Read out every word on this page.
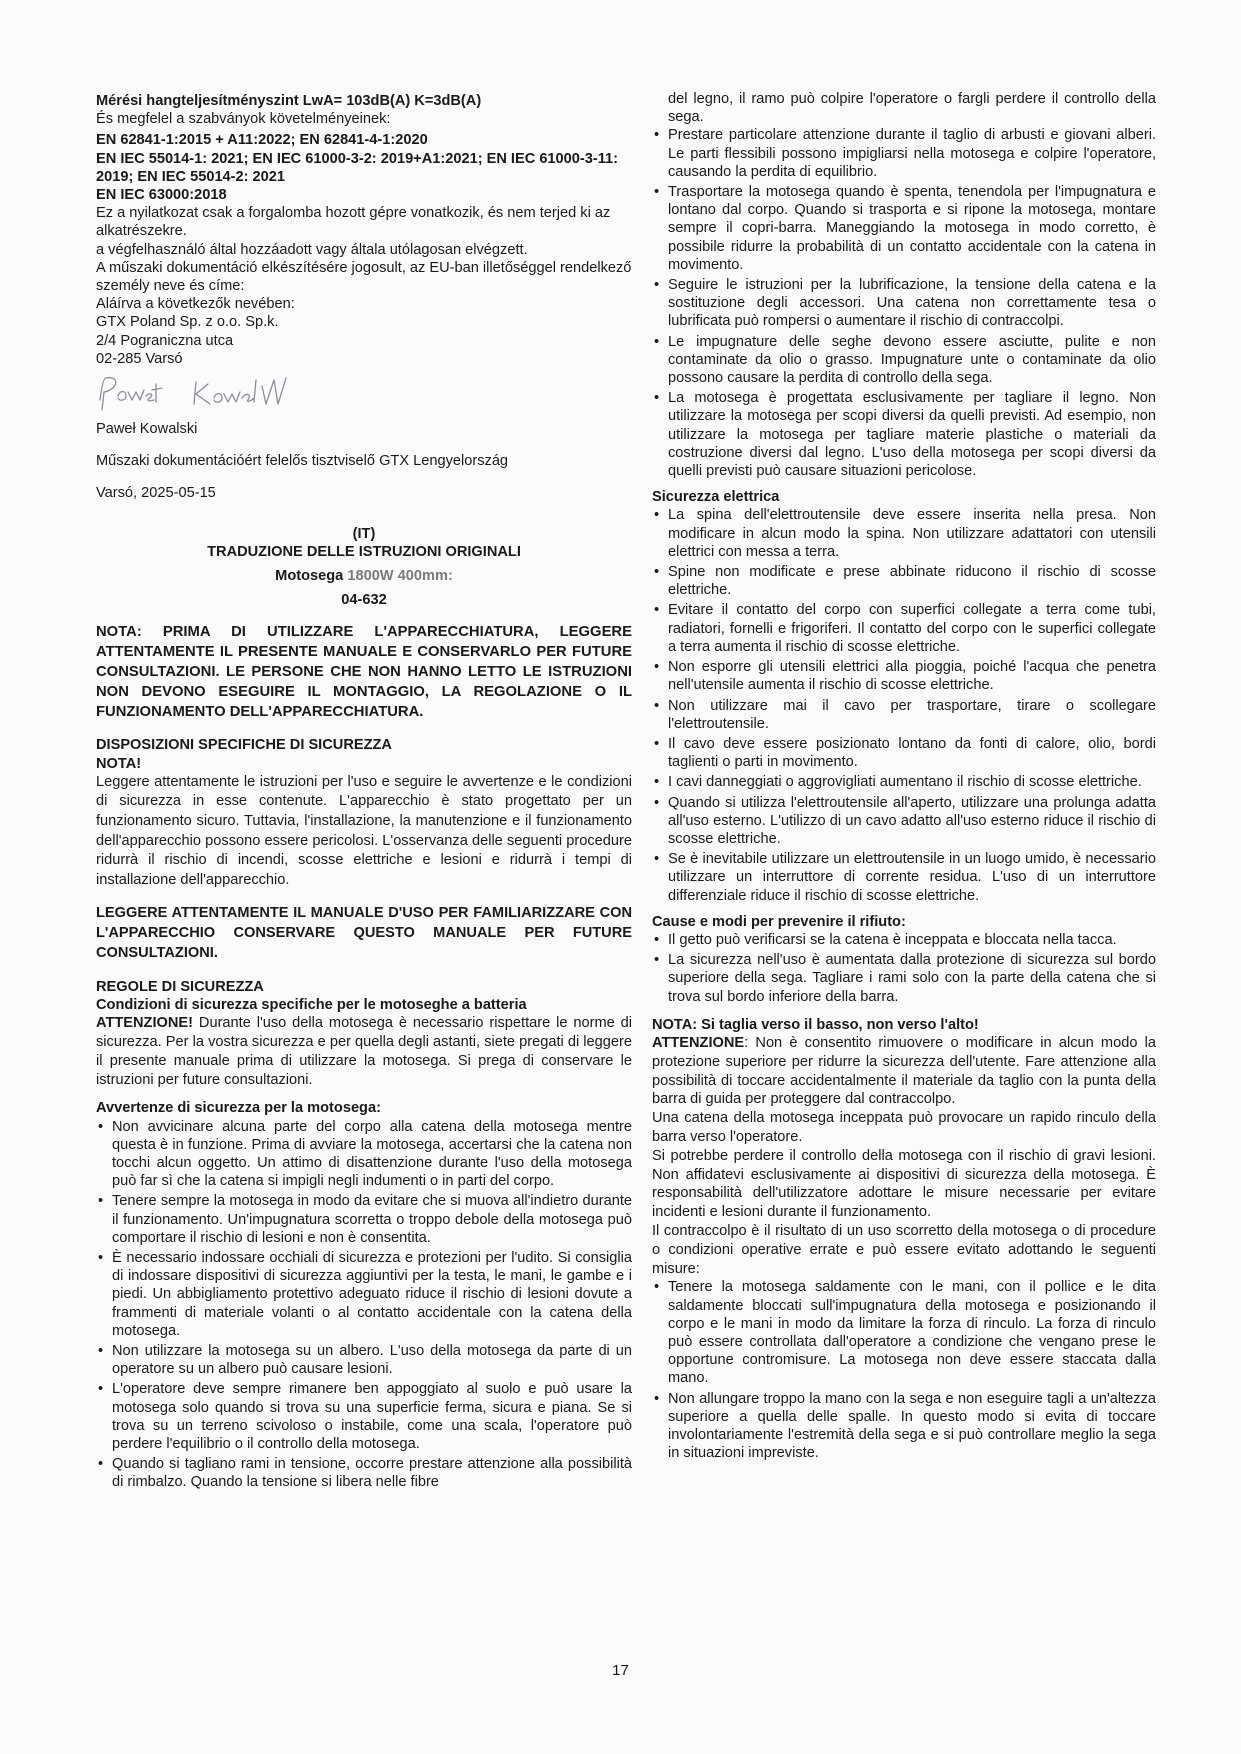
Mérési hangteljesítményszint LwA= 103dB(A) K=3dB(A)

És megfelel a szabványok követelményeinek:

EN 62841-1:2015 + A11:2022; EN 62841-4-1:2020

EN IEC 55014-1: 2021; EN IEC 61000-3-2: 2019+A1:2021; EN IEC 61000-3-11: 2019; EN IEC 55014-2: 2021

EN IEC 63000:2018

Ez a nyilatkozat csak a forgalomba hozott gépre vonatkozik, és nem terjed ki az alkatrészekre.

a végfelhasználó által hozzáadott vagy általa utólagosan elvégzett.

A műszaki dokumentáció elkészítésére jogosult, az EU-ban illetőséggel rendelkező személy neve és címe:

Aláírva a következők nevében:

GTX Poland Sp. z o.o. Sp.k.

2/4 Pograniczna utca

02-285 Varsó

Paweł Kowalski

Műszaki dokumentációért felelős tisztviselő GTX Lengyelország

Varsó, 2025-05-15

(IT)

TRADUZIONE DELLE ISTRUZIONI ORIGINALI

Motosega 1800W 400mm:

04-632

NOTA: PRIMA DI UTILIZZARE L'APPARECCHIATURA, LEGGERE ATTENTAMENTE IL PRESENTE MANUALE E CONSERVARLO PER FUTURE CONSULTAZIONI. LE PERSONE CHE NON HANNO LETTO LE ISTRUZIONI NON DEVONO ESEGUIRE IL MONTAGGIO, LA REGOLAZIONE O IL FUNZIONAMENTO DELL'APPARECCHIATURA.

DISPOSIZIONI SPECIFICHE DI SICUREZZA

NOTA!

Leggere attentamente le istruzioni per l'uso e seguire le avvertenze e le condizioni di sicurezza in esse contenute. L'apparecchio è stato progettato per un funzionamento sicuro. Tuttavia, l'installazione, la manutenzione e il funzionamento dell'apparecchio possono essere pericolosi. L'osservanza delle seguenti procedure ridurrà il rischio di incendi, scosse elettriche e lesioni e ridurrà i tempi di installazione dell'apparecchio.

LEGGERE ATTENTAMENTE IL MANUALE D'USO PER FAMILIARIZZARE CON L'APPARECCHIO CONSERVARE QUESTO MANUALE PER FUTURE CONSULTAZIONI.

REGOLE DI SICUREZZA

Condizioni di sicurezza specifiche per le motoseghe a batteria

ATTENZIONE! Durante l'uso della motosega è necessario rispettare le norme di sicurezza. Per la vostra sicurezza e per quella degli astanti, siete pregati di leggere il presente manuale prima di utilizzare la motosega. Si prega di conservare le istruzioni per future consultazioni.

Avvertenze di sicurezza per la motosega:

• Non avvicinare alcuna parte del corpo alla catena della motosega mentre questa è in funzione. Prima di avviare la motosega, accertarsi che la catena non tocchi alcun oggetto. Un attimo di disattenzione durante l'uso della motosega può far sì che la catena si impigli negli indumenti o in parti del corpo.
• Tenere sempre la motosega in modo da evitare che si muova all'indietro durante il funzionamento. Un'impugnatura scorretta o troppo debole della motosega può comportare il rischio di lesioni e non è consentita.
• È necessario indossare occhiali di sicurezza e protezioni per l'udito. Si consiglia di indossare dispositivi di sicurezza aggiuntivi per la testa, le mani, le gambe e i piedi. Un abbigliamento protettivo adeguato riduce il rischio di lesioni dovute a frammenti di materiale volanti o al contatto accidentale con la catena della motosega.
• Non utilizzare la motosega su un albero. L'uso della motosega da parte di un operatore su un albero può causare lesioni.
• L'operatore deve sempre rimanere ben appoggiato al suolo e può usare la motosega solo quando si trova su una superficie ferma, sicura e piana. Se si trova su un terreno scivoloso o instabile, come una scala, l'operatore può perdere l'equilibrio o il controllo della motosega.
• Quando si tagliano rami in tensione, occorre prestare attenzione alla possibilità di rimbalzo. Quando la tensione si libera nelle fibre

del legno, il ramo può colpire l'operatore o fargli perdere il controllo della sega.

• Prestare particolare attenzione durante il taglio di arbusti e giovani alberi. Le parti flessibili possono impigliarsi nella motosega e colpire l'operatore, causando la perdita di equilibrio.
• Trasportare la motosega quando è spenta, tenendola per l'impugnatura e lontano dal corpo. Quando si trasporta e si ripone la motosega, montare sempre il copri-barra. Maneggiando la motosega in modo corretto, è possibile ridurre la probabilità di un contatto accidentale con la catena in movimento.
• Seguire le istruzioni per la lubrificazione, la tensione della catena e la sostituzione degli accessori. Una catena non correttamente tesa o lubrificata può rompersi o aumentare il rischio di contraccolpi.
• Le impugnature delle seghe devono essere asciutte, pulite e non contaminate da olio o grasso. Impugnature unte o contaminate da olio possono causare la perdita di controllo della sega.
• La motosega è progettata esclusivamente per tagliare il legno. Non utilizzare la motosega per scopi diversi da quelli previsti. Ad esempio, non utilizzare la motosega per tagliare materie plastiche o materiali da costruzione diversi dal legno. L'uso della motosega per scopi diversi da quelli previsti può causare situazioni pericolose.

Sicurezza elettrica

• La spina dell'elettroutensile deve essere inserita nella presa. Non modificare in alcun modo la spina. Non utilizzare adattatori con utensili elettrici con messa a terra.
• Spine non modificate e prese abbinate riducono il rischio di scosse elettriche.
• Evitare il contatto del corpo con superfici collegate a terra come tubi, radiatori, fornelli e frigoriferi. Il contatto del corpo con le superfici collegate a terra aumenta il rischio di scosse elettriche.
• Non esporre gli utensili elettrici alla pioggia, poiché l'acqua che penetra nell'utensile aumenta il rischio di scosse elettriche.
• Non utilizzare mai il cavo per trasportare, tirare o scollegare l'elettroutensile.
• Il cavo deve essere posizionato lontano da fonti di calore, olio, bordi taglienti o parti in movimento.
• I cavi danneggiati o aggrovigliati aumentano il rischio di scosse elettriche.
• Quando si utilizza l'elettroutensile all'aperto, utilizzare una prolunga adatta all'uso esterno. L'utilizzo di un cavo adatto all'uso esterno riduce il rischio di scosse elettriche.
• Se è inevitabile utilizzare un elettroutensile in un luogo umido, è necessario utilizzare un interruttore di corrente residua. L'uso di un interruttore differenziale riduce il rischio di scosse elettriche.

Cause e modi per prevenire il rifiuto:

• Il getto può verificarsi se la catena è inceppata e bloccata nella tacca.
• La sicurezza nell'uso è aumentata dalla protezione di sicurezza sul bordo superiore della sega. Tagliare i rami solo con la parte della catena che si trova sul bordo inferiore della barra.

NOTA: Si taglia verso il basso, non verso l'alto!

ATTENZIONE: Non è consentito rimuovere o modificare in alcun modo la protezione superiore per ridurre la sicurezza dell'utente. Fare attenzione alla possibilità di toccare accidentalmente il materiale da taglio con la punta della barra di guida per proteggere dal contraccolpo.

Una catena della motosega inceppata può provocare un rapido rinculo della barra verso l'operatore.

Si potrebbe perdere il controllo della motosega con il rischio di gravi lesioni. Non affidatevi esclusivamente ai dispositivi di sicurezza della motosega. È responsabilità dell'utilizzatore adottare le misure necessarie per evitare incidenti e lesioni durante il funzionamento.

Il contraccolpo è il risultato di un uso scorretto della motosega o di procedure o condizioni operative errate e può essere evitato adottando le seguenti misure:

• Tenere la motosega saldamente con le mani, con il pollice e le dita saldamente bloccati sull'impugnatura della motosega e posizionando il corpo e le mani in modo da limitare la forza di rinculo. La forza di rinculo può essere controllata dall'operatore a condizione che vengano prese le opportune contromisure. La motosega non deve essere staccata dalla mano.
• Non allungare troppo la mano con la sega e non eseguire tagli a un'altezza superiore a quella delle spalle. In questo modo si evita di toccare involontariamente l'estremità della sega e si può controllare meglio la sega in situazioni impreviste.
17
